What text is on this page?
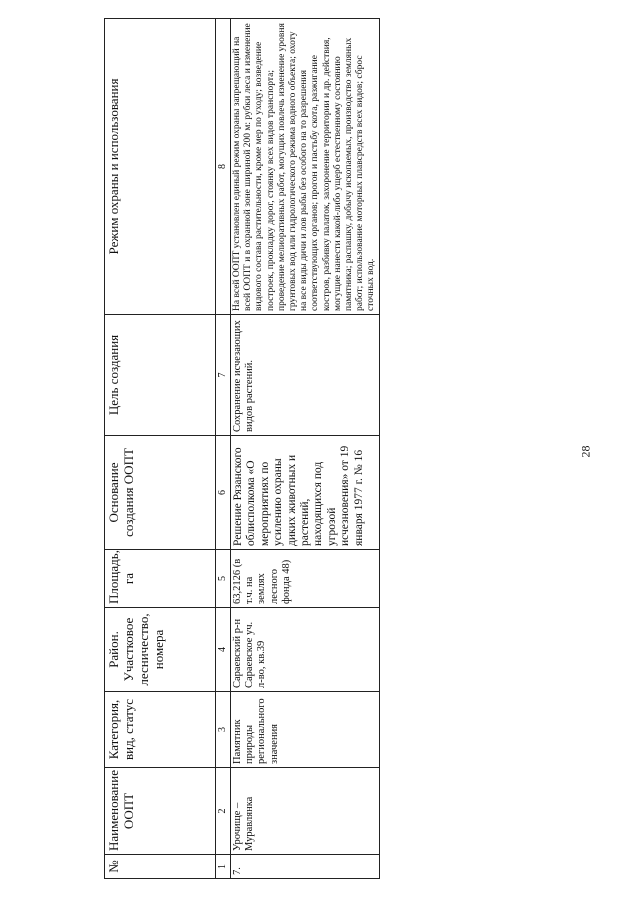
№	Наименование ООПТ	Категория, вид, статус	Район. Участковое лесничество, номера	Площадь, га	Основание создания ООПТ	Цель создания	Режим охраны и использования
1	2	3	4	5	6	7	8
7.	Урочище – Муравлянка	Памятник природы регионального значения	Сараевский р-н Сараевское уч. л-во, кв.39	63,2126 (в т.ч. на землях лесного фонда 48)	Решение Рязанского облисполкома «О мероприятиях по усилению охраны диких животных и растений, находящихся под угрозой исчезновения» от 19 января 1977 г. № 16	Сохранение исчезающих видов растений.	На всей ООПТ установлен единый режим охраны запрещающий на всей ООПТ и в охранной зоне шириной 200 м: рубки леса и изменение видового состава растительности, кроме мер по уходу; возведение построек, прокладку дорог, стоянку всех видов транспорта; проведение мелиоративных работ, могущих повлечь изменение уровня грунтовых вод или гидрологического режима водного объекта; охоту на все виды дичи и лов рыбы без особого на то разрешения соответствующих органов; прогон и пастьбу скота, разжигание костров, разбивку палаток, захоронение территории и др. действия, могущие нанести какой-либо ущерб естественному состоянию памятника; распашку, добычу ископаемых, производство земляных работ; использование моторных плавсредств всех видов; сброс сточных вод.
28
